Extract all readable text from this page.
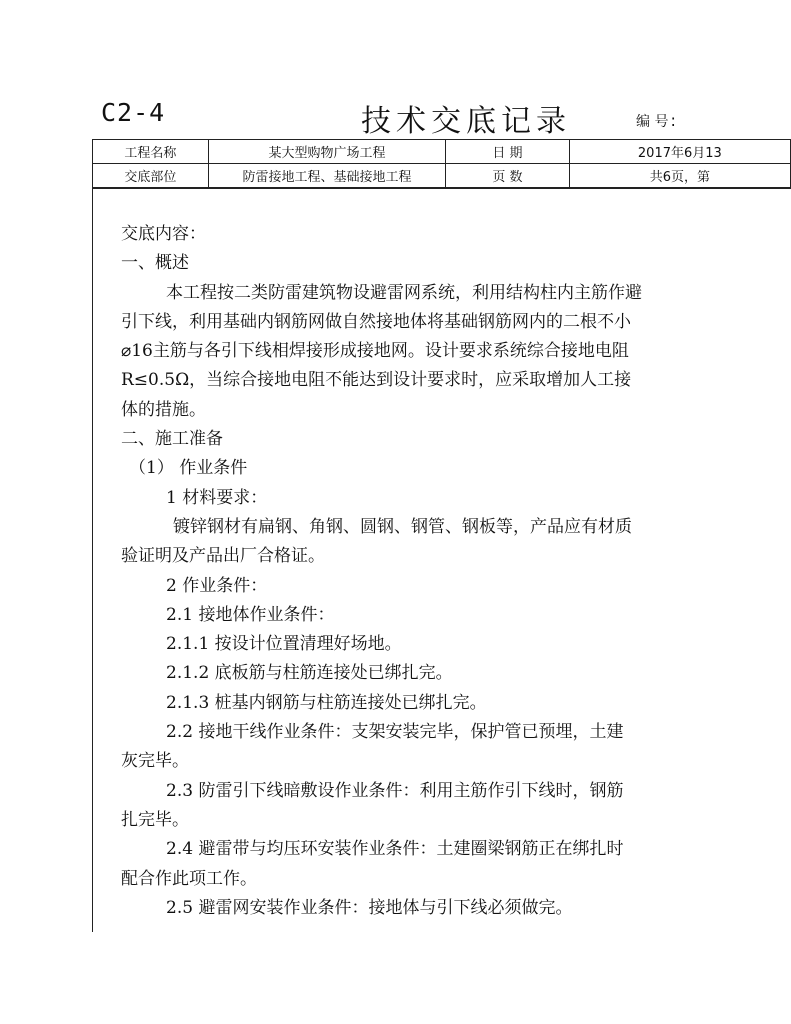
C2-4	技术交底记录	编 号 :
工程名称	某大型购物广场工程	日 期	2017年6月13
交底部位	防雷接地工程、基础接地工程	页 数	共6页，第
交底内容：
一、概述
本工程按二类防雷建筑物设避雷网系统，利用结构柱内主筋作避
引下线，利用基础内钢筋网做自然接地体将基础钢筋网内的二根不小
⌀16主筋与各引下线相焊接形成接地网。设计要求系统综合接地电阻
R≤0.5Ω，当综合接地电阻不能达到设计要求时，应采取增加人工接
体的措施。
二、施工准备
（1） 作业条件
1 材料要求：
镀锌钢材有扁钢、角钢、圆钢、钢管、钢板等，产品应有材质
验证明及产品出厂合格证。
2 作业条件：
2.1 接地体作业条件：
2.1.1 按设计位置清理好场地。
2.1.2 底板筋与柱筋连接处已绑扎完。
2.1.3 桩基内钢筋与柱筋连接处已绑扎完。
2.2 接地干线作业条件：支架安装完毕，保护管已预埋，土建
灰完毕。
2.3 防雷引下线暗敷设作业条件：利用主筋作引下线时，钢筋
扎完毕。
2.4 避雷带与均压环安装作业条件：土建圈梁钢筋正在绑扎时
配合作此项工作。
2.5 避雷网安装作业条件：接地体与引下线必须做完。
